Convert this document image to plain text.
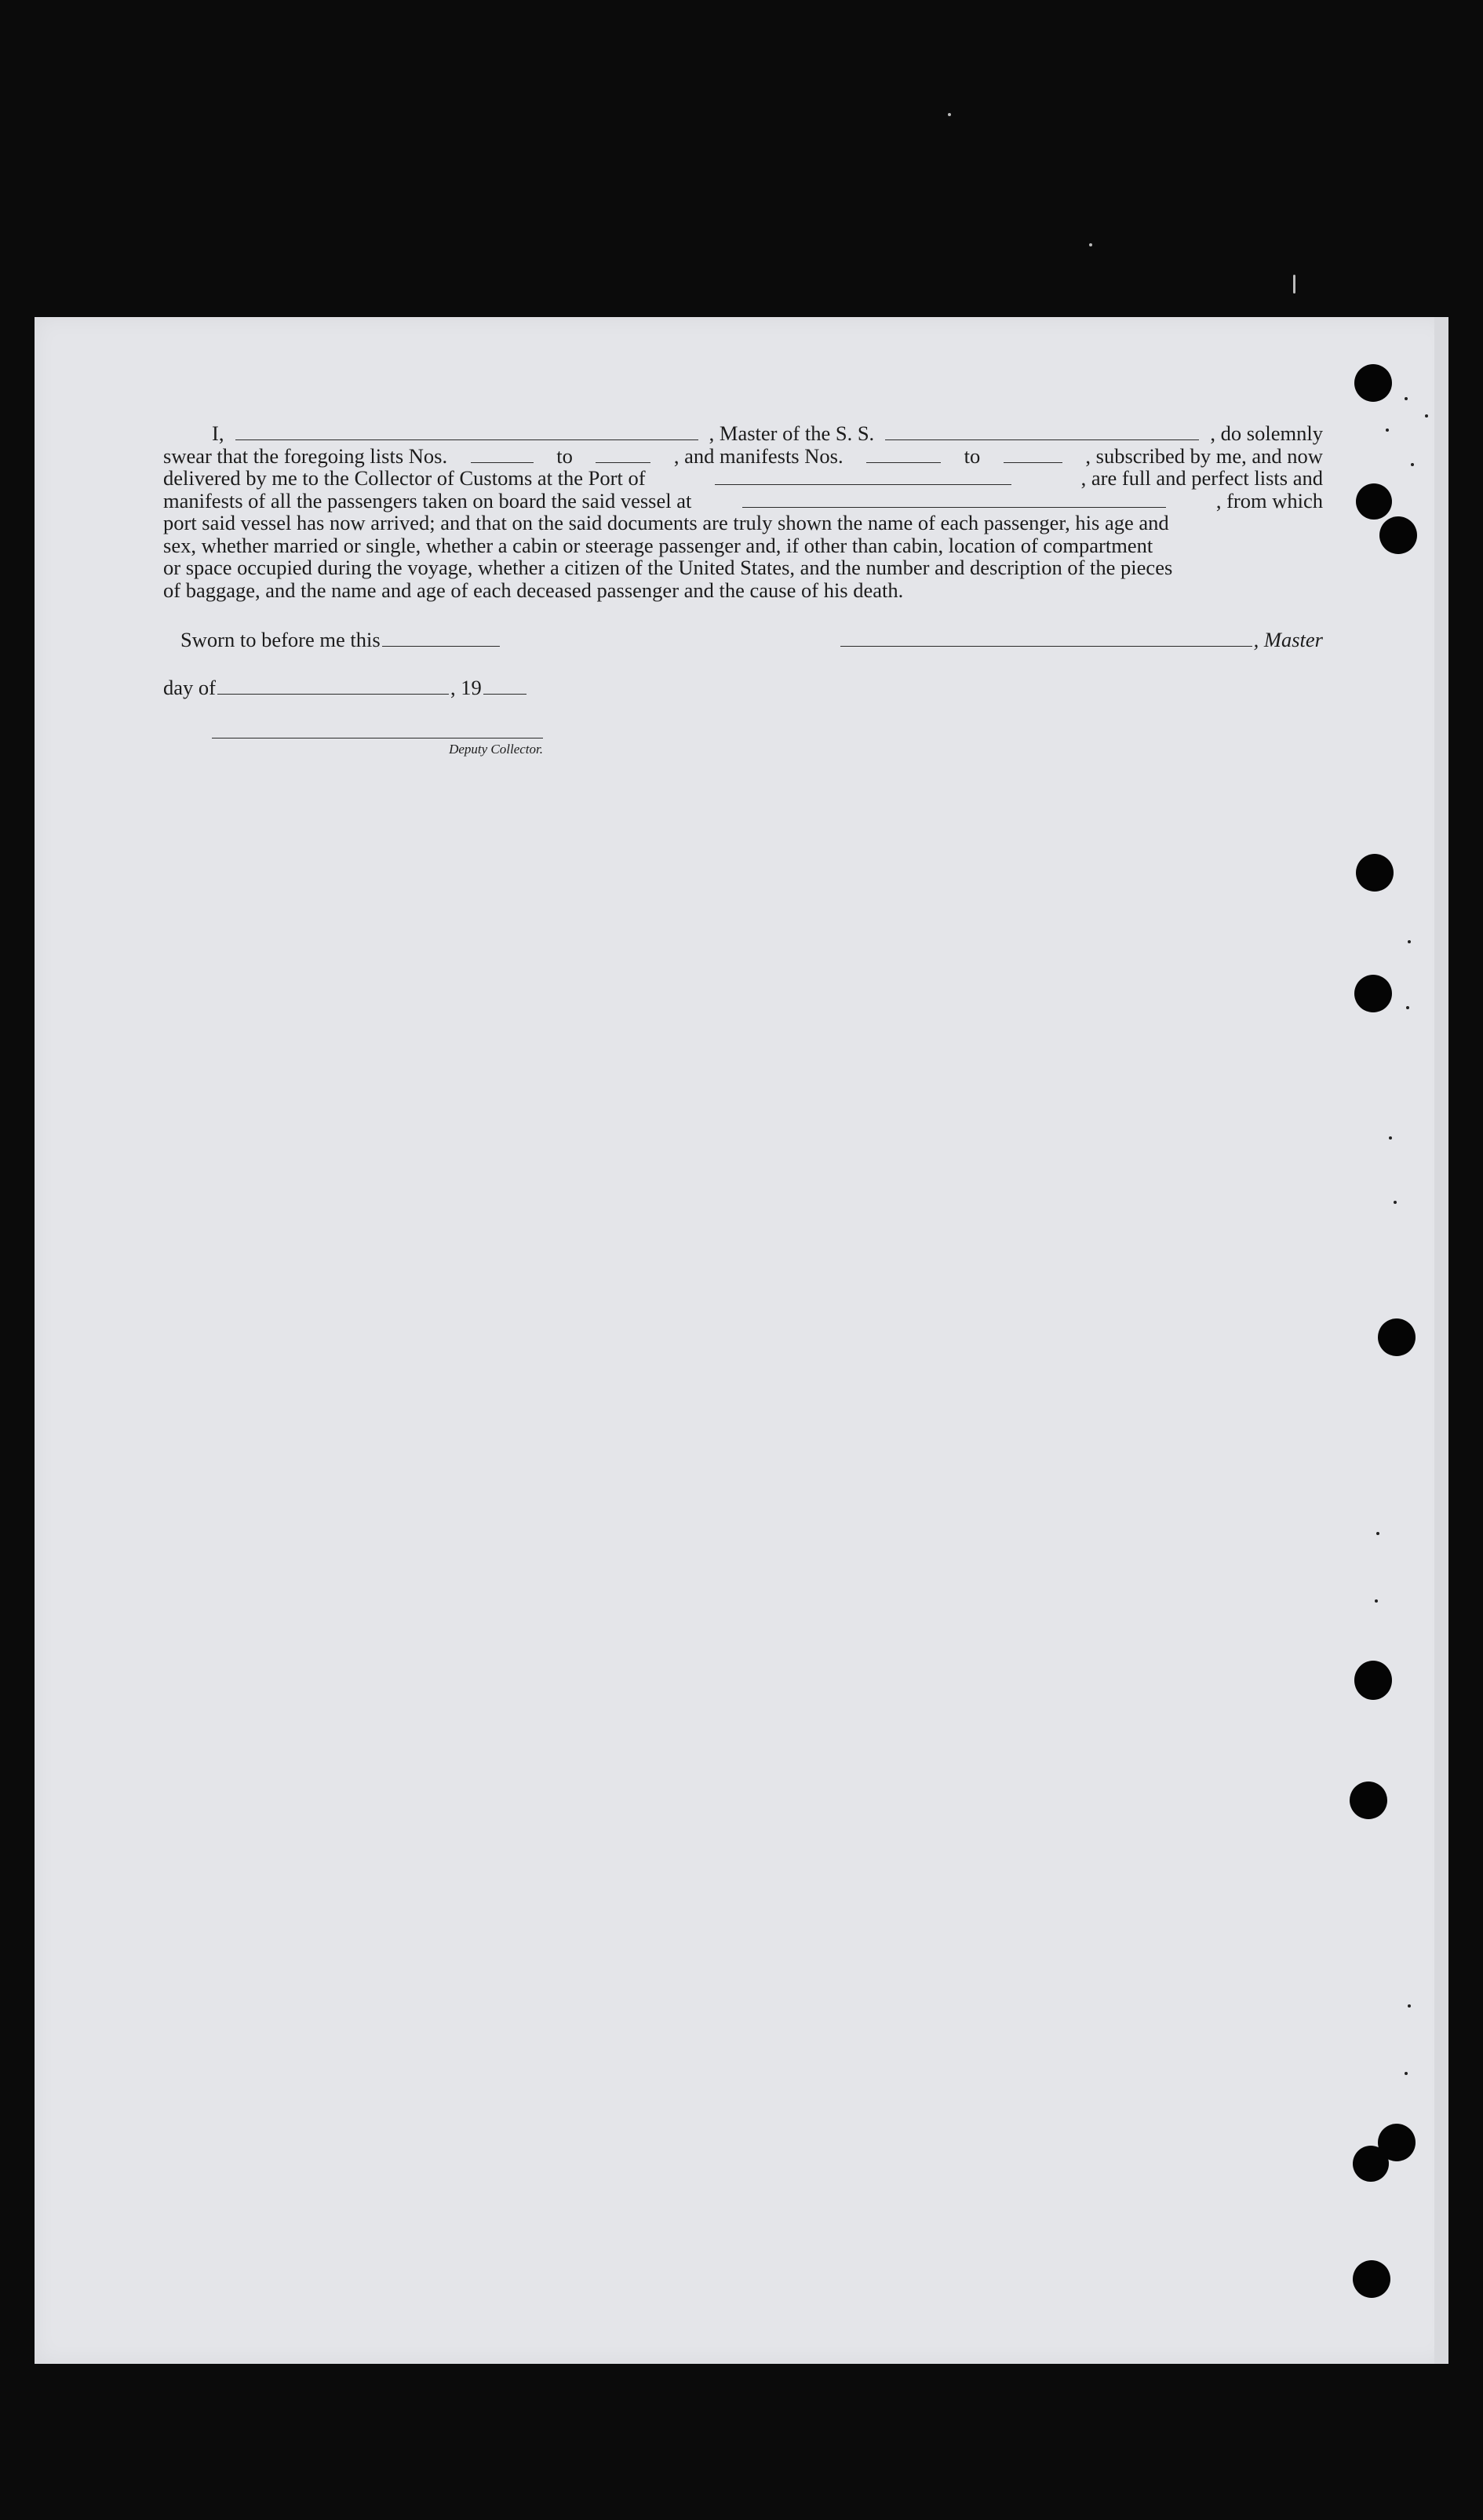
I,	, Master of the S. S.	, do solemnly
swear that the foregoing lists Nos.	to	, and manifests Nos.	to	, subscribed by me, and now
delivered by me to the Collector of Customs at the Port of	, are full and perfect lists and
manifests of all the passengers taken on board the said vessel at	, from which
port said vessel has now arrived; and that on the said documents are truly shown the name of each passenger, his age and
sex, whether married or single, whether a cabin or steerage passenger and, if other than cabin, location of compartment
or space occupied during the voyage, whether a citizen of the United States, and the number and description of the pieces
of baggage, and the name and age of each deceased passenger and the cause of his death.
Sworn to before me this	, Master
day of	, 19
Deputy Collector.
